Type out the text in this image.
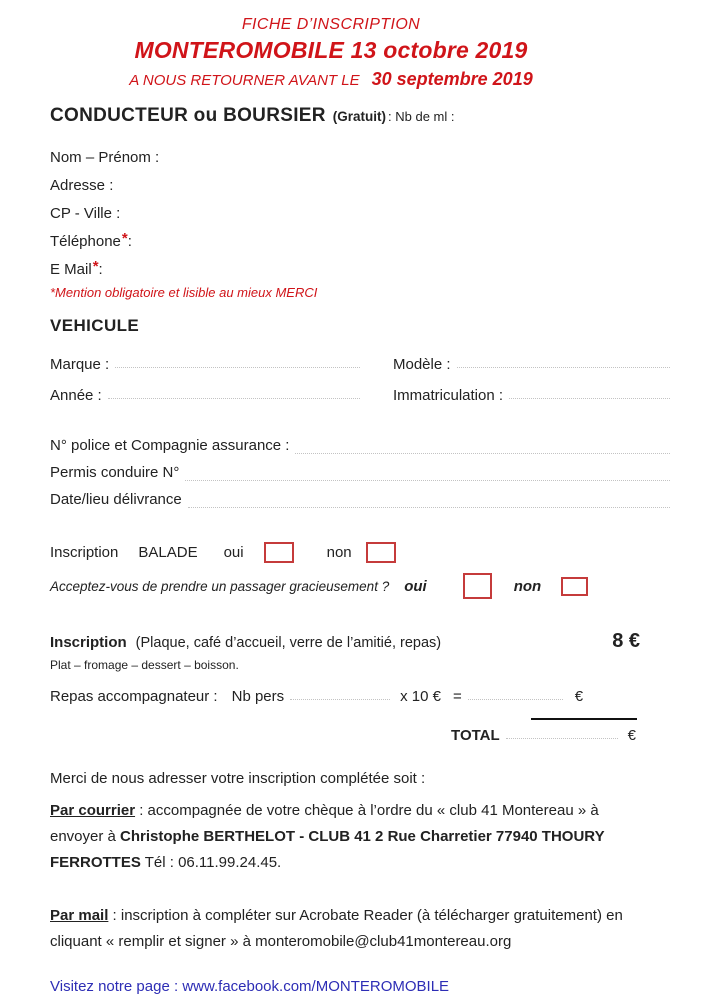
FICHE D’INSCRIPTION
MONTEROMOBILE 13 octobre 2019
A NOUS RETOURNER AVANT LE 30 septembre 2019
CONDUCTEUR ou BOURSIER (Gratuit) : Nb de ml :
Nom – Prénom :
Adresse :
CP - Ville :
Téléphone * :
E Mail * :
*Mention obligatoire et lisible au mieux MERCI
VEHICULE
Marque :	Modèle :
Année :	Immatriculation :
N° police et Compagnie assurance :
Permis conduire N°
Date/lieu délivrance
Inscription BALADE oui	non
Acceptez-vous de prendre un passager gracieusement ? oui	non
Inscription (Plaque, café d’accueil, verre de l’amitié, repas)	8 €
Plat – fromage – dessert – boisson.
Repas accompagnateur : Nb pers	x 10 € =	€
TOTAL	€
Merci de nous adresser votre inscription complétée soit :
Par courrier : accompagnée de votre chèque à l’ordre du « club 41 Montereau » à envoyer à Christophe BERTHELOT - CLUB 41 2 Rue Charretier 77940 THOURY FERROTTES Tél : 06.11.99.24.45.
Par mail : inscription à compléter sur Acrobate Reader (à télécharger gratuitement) en cliquant « remplir et signer » à monteromobile@club41montereau.org
Visitez notre page : www.facebook.com/MONTEROMOBILE
